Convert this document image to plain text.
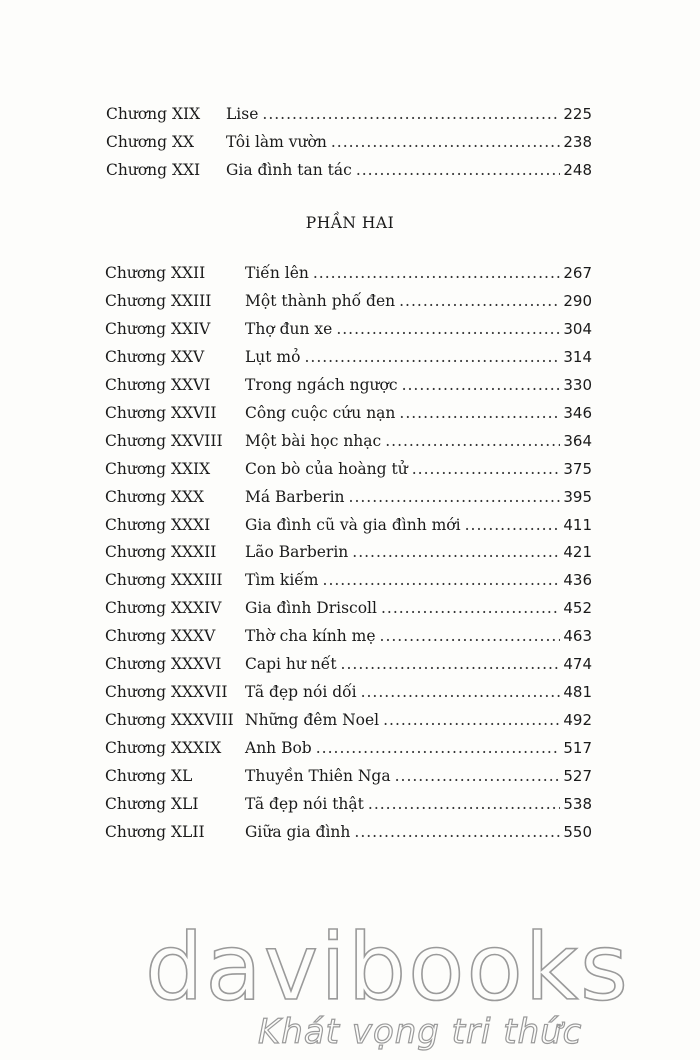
Chương XIX	Lise .....	225
Chương XX	Tôi làm vườn .....	238
Chương XXI	Gia đình tan tác .....	248
PHẦN HAI
Chương XXII	Tiến lên .....	267
Chương XXIII	Một thành phố đen .....	290
Chương XXIV	Thợ đun xe .....	304
Chương XXV	Lụt mỏ .....	314
Chương XXVI	Trong ngách ngược .....	330
Chương XXVII	Công cuộc cứu nạn .....	346
Chương XXVIII	Một bài học nhạc .....	364
Chương XXIX	Con bò của hoàng tử .....	375
Chương XXX	Má Barberin .....	395
Chương XXXI	Gia đình cũ và gia đình mới .....	411
Chương XXXII	Lão Barberin .....	421
Chương XXXIII	Tìm kiếm .....	436
Chương XXXIV	Gia đình Driscoll .....	452
Chương XXXV	Thờ cha kính mẹ .....	463
Chương XXXVI	Capi hư nết .....	474
Chương XXXVII	Tã đẹp nói dối .....	481
Chương XXXVIII Những đêm Noel .....	492
Chương XXXIX	Anh Bob .....	517
Chương XL	Thuyền Thiên Nga .....	527
Chương XLI	Tã đẹp nói thật .....	538
Chương XLII	Giữa gia đình .....	550
davibooks
Khát vọng tri thức
